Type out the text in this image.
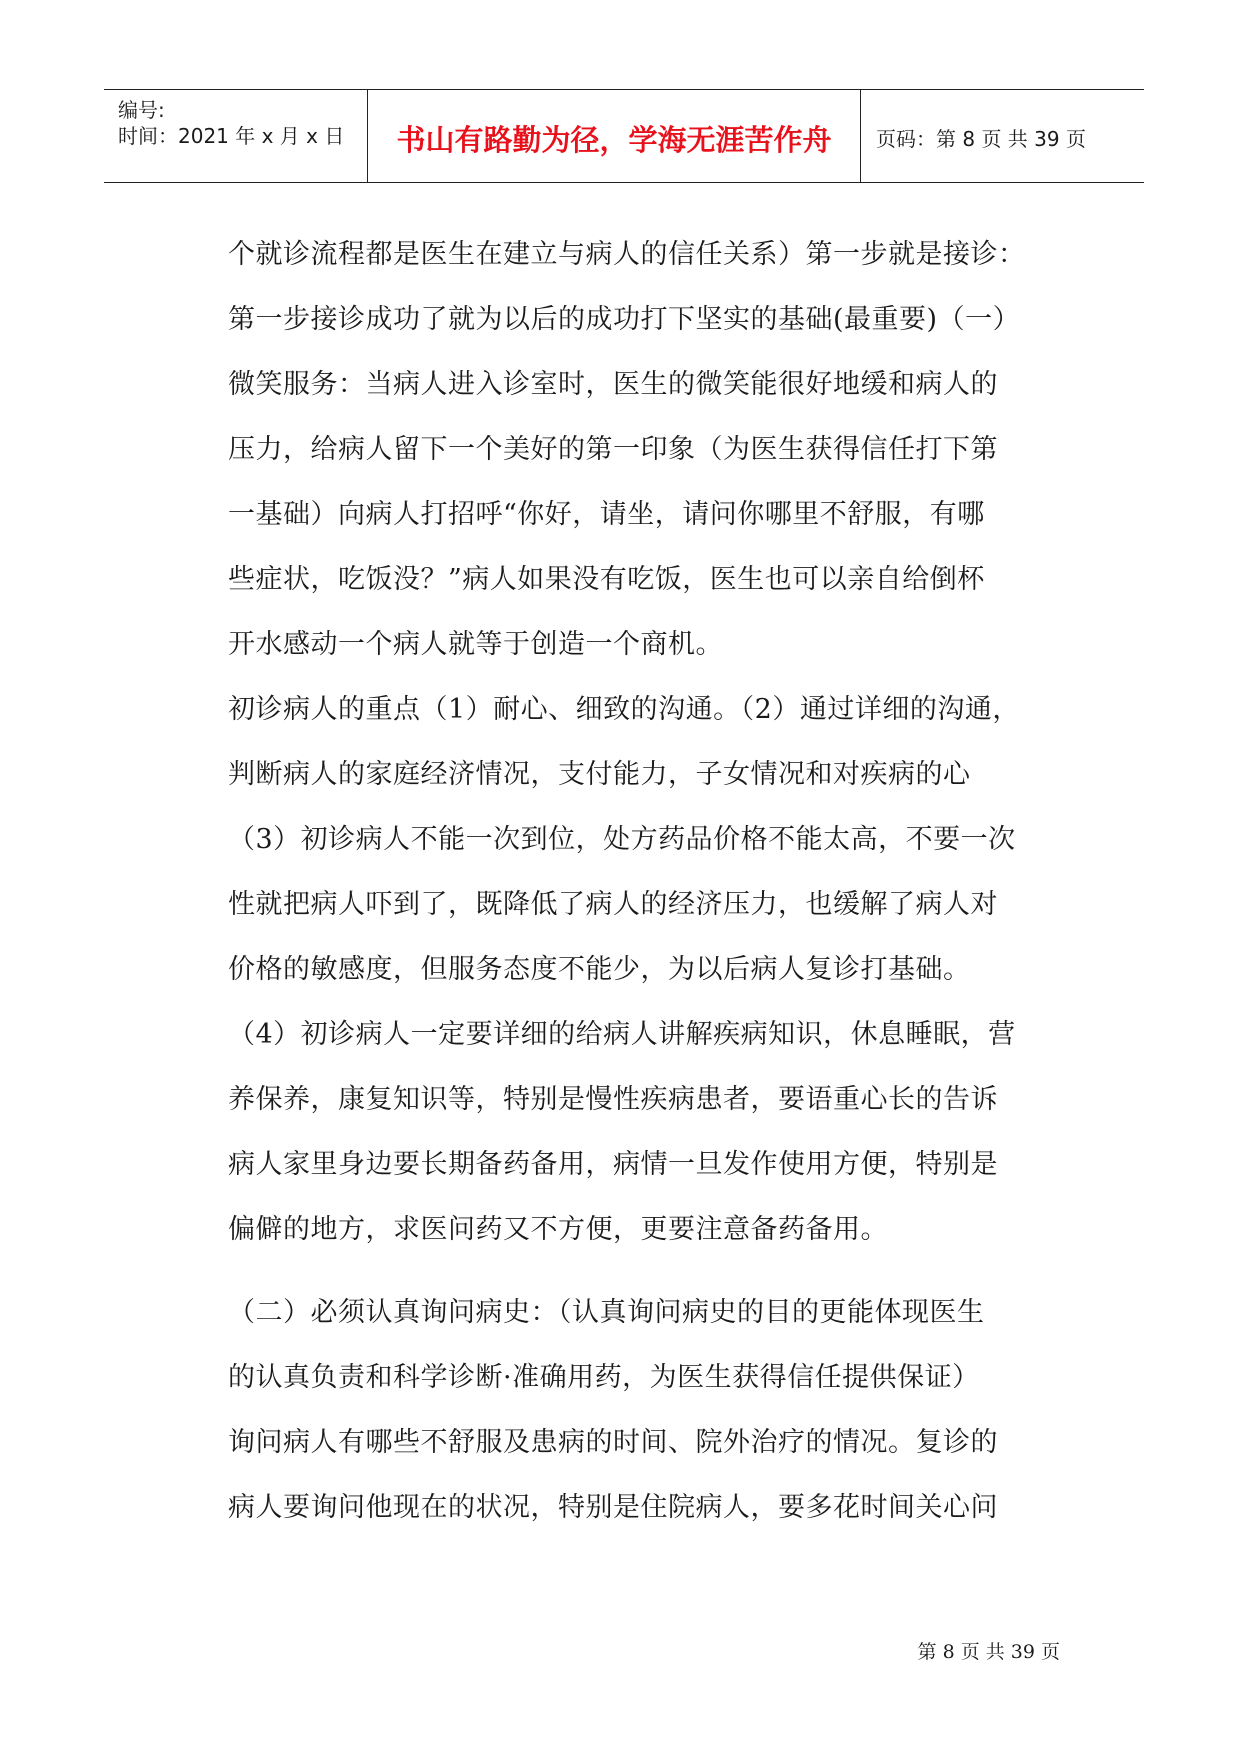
编号:
时间：2021 年 x 月 x 日	书山有路勤为径，学海无涯苦作舟	页码：第 8 页 共 39 页
个就诊流程都是医生在建立与病人的信任关系）第一步就是接诊：
第一步接诊成功了就为以后的成功打下坚实的基础(最重要)（一）
微笑服务：当病人进入诊室时，医生的微笑能很好地缓和病人的
压力，给病人留下一个美好的第一印象（为医生获得信任打下第
一基础）向病人打招呼“你好，请坐，请问你哪里不舒服，有哪
些症状，吃饭没？”病人如果没有吃饭，医生也可以亲自给倒杯
开水感动一个病人就等于创造一个商机。
初诊病人的重点（1）耐心、细致的沟通。（2）通过详细的沟通，
判断病人的家庭经济情况，支付能力，子女情况和对疾病的心
（3）初诊病人不能一次到位，处方药品价格不能太高，不要一次
性就把病人吓到了，既降低了病人的经济压力，也缓解了病人对
价格的敏感度，但服务态度不能少，为以后病人复诊打基础。
（4）初诊病人一定要详细的给病人讲解疾病知识，休息睡眠，营
养保养，康复知识等，特别是慢性疾病患者，要语重心长的告诉
病人家里身边要长期备药备用，病情一旦发作使用方便，特别是
偏僻的地方，求医问药又不方便，更要注意备药备用。
（二）必须认真询问病史：（认真询问病史的目的更能体现医生
的认真负责和科学诊断·准确用药，为医生获得信任提供保证）
询问病人有哪些不舒服及患病的时间、院外治疗的情况。复诊的
病人要询问他现在的状况，特别是住院病人，要多花时间关心问
第 8 页 共 39 页
